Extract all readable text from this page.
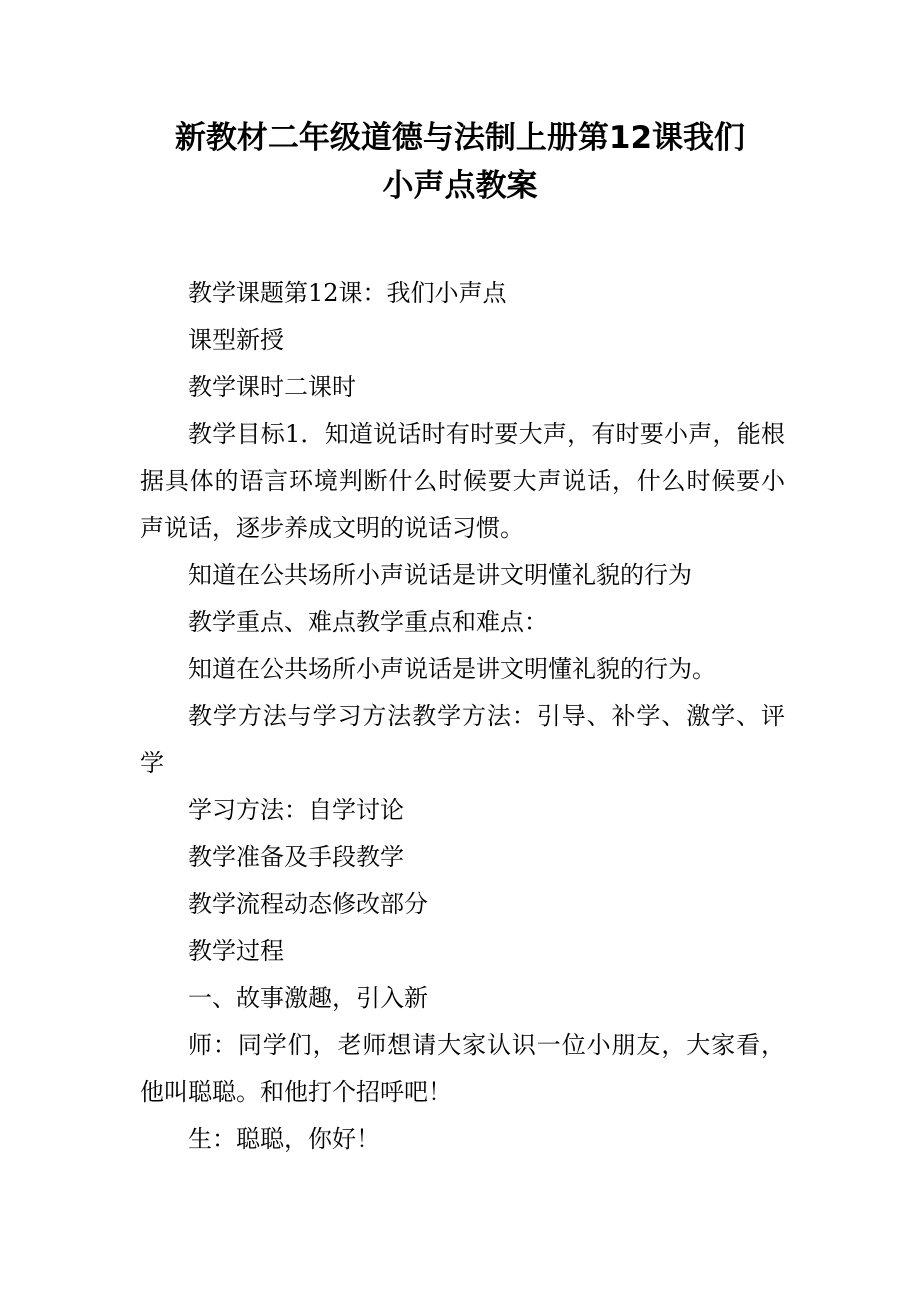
新教材二年级道德与法制上册第12课我们
小声点教案

教学课题第12课：我们小声点

课型新授

教学课时二课时

教学目标1．知道说话时有时要大声，有时要小声，能根据具体的语言环境判断什么时候要大声说话，什么时候要小声说话，逐步养成文明的说话习惯。

知道在公共场所小声说话是讲文明懂礼貌的行为

教学重点、难点教学重点和难点：

知道在公共场所小声说话是讲文明懂礼貌的行为。

教学方法与学习方法教学方法：引导、补学、激学、评学

学习方法：自学讨论

教学准备及手段教学

教学流程动态修改部分

教学过程

一、故事激趣，引入新

师：同学们，老师想请大家认识一位小朋友，大家看，他叫聪聪。和他打个招呼吧！

生：聪聪，你好！
